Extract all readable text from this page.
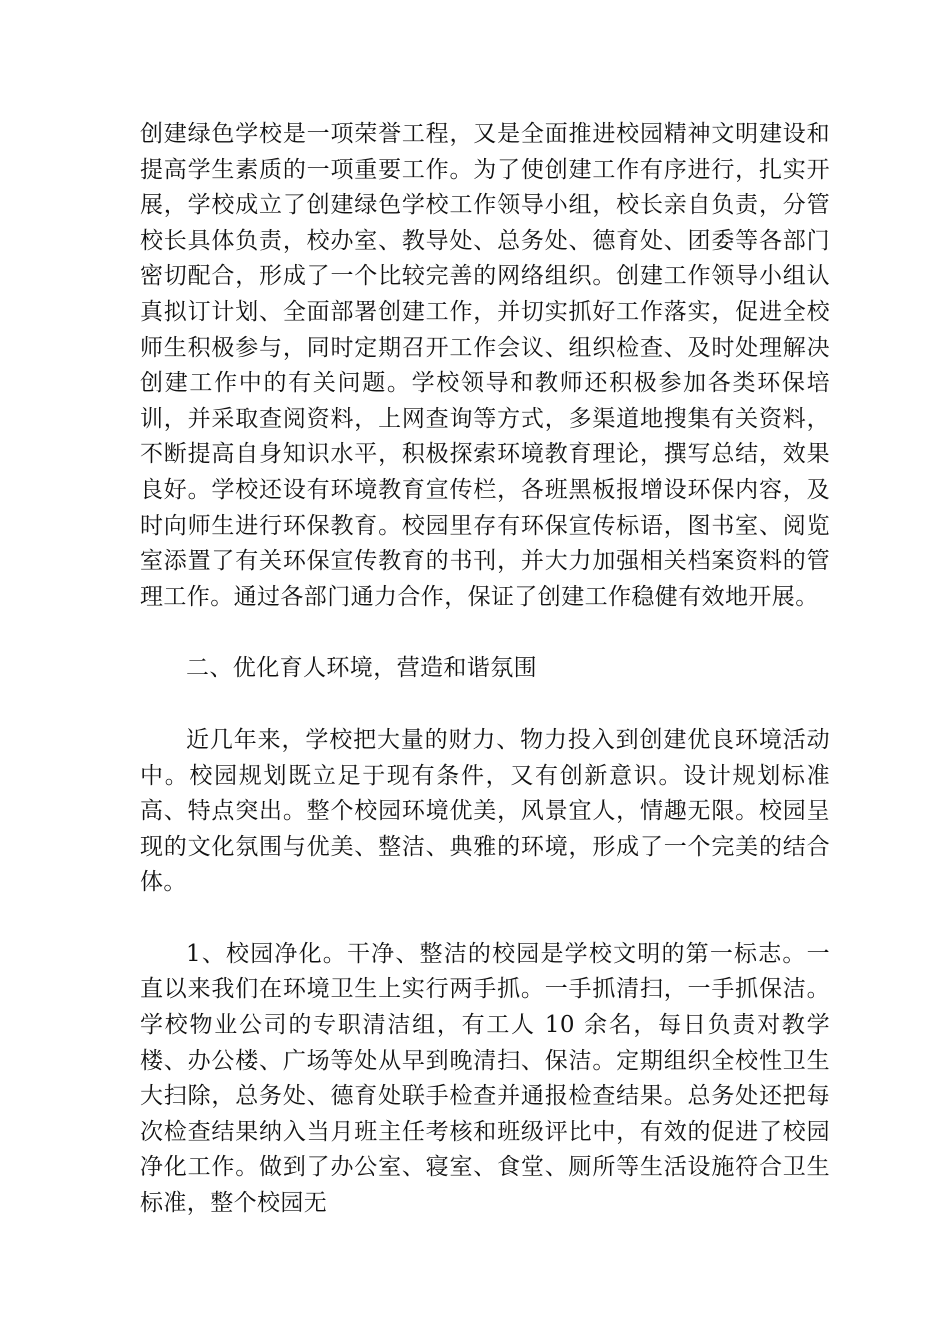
创建绿色学校是一项荣誉工程，又是全面推进校园精神文明建设和提高学生素质的一项重要工作。为了使创建工作有序进行，扎实开展，学校成立了创建绿色学校工作领导小组，校长亲自负责，分管校长具体负责，校办室、教导处、总务处、德育处、团委等各部门密切配合，形成了一个比较完善的网络组织。创建工作领导小组认真拟订计划、全面部署创建工作，并切实抓好工作落实，促进全校师生积极参与，同时定期召开工作会议、组织检查、及时处理解决创建工作中的有关问题。学校领导和教师还积极参加各类环保培训，并采取查阅资料，上网查询等方式，多渠道地搜集有关资料，不断提高自身知识水平，积极探索环境教育理论，撰写总结，效果良好。学校还设有环境教育宣传栏，各班黑板报增设环保内容，及时向师生进行环保教育。校园里存有环保宣传标语，图书室、阅览室添置了有关环保宣传教育的书刊，并大力加强相关档案资料的管理工作。通过各部门通力合作，保证了创建工作稳健有效地开展。

二、优化育人环境，营造和谐氛围

近几年来，学校把大量的财力、物力投入到创建优良环境活动中。校园规划既立足于现有条件，又有创新意识。设计规划标准高、特点突出。整个校园环境优美，风景宜人，情趣无限。校园呈现的文化氛围与优美、整洁、典雅的环境，形成了一个完美的结合体。

1、校园净化。干净、整洁的校园是学校文明的第一标志。一直以来我们在环境卫生上实行两手抓。一手抓清扫，一手抓保洁。学校物业公司的专职清洁组，有工人 10 余名，每日负责对教学楼、办公楼、广场等处从早到晚清扫、保洁。定期组织全校性卫生大扫除，总务处、德育处联手检查并通报检查结果。总务处还把每次检查结果纳入当月班主任考核和班级评比中，有效的促进了校园净化工作。做到了办公室、寝室、食堂、厕所等生活设施符合卫生标准，整个校园无
